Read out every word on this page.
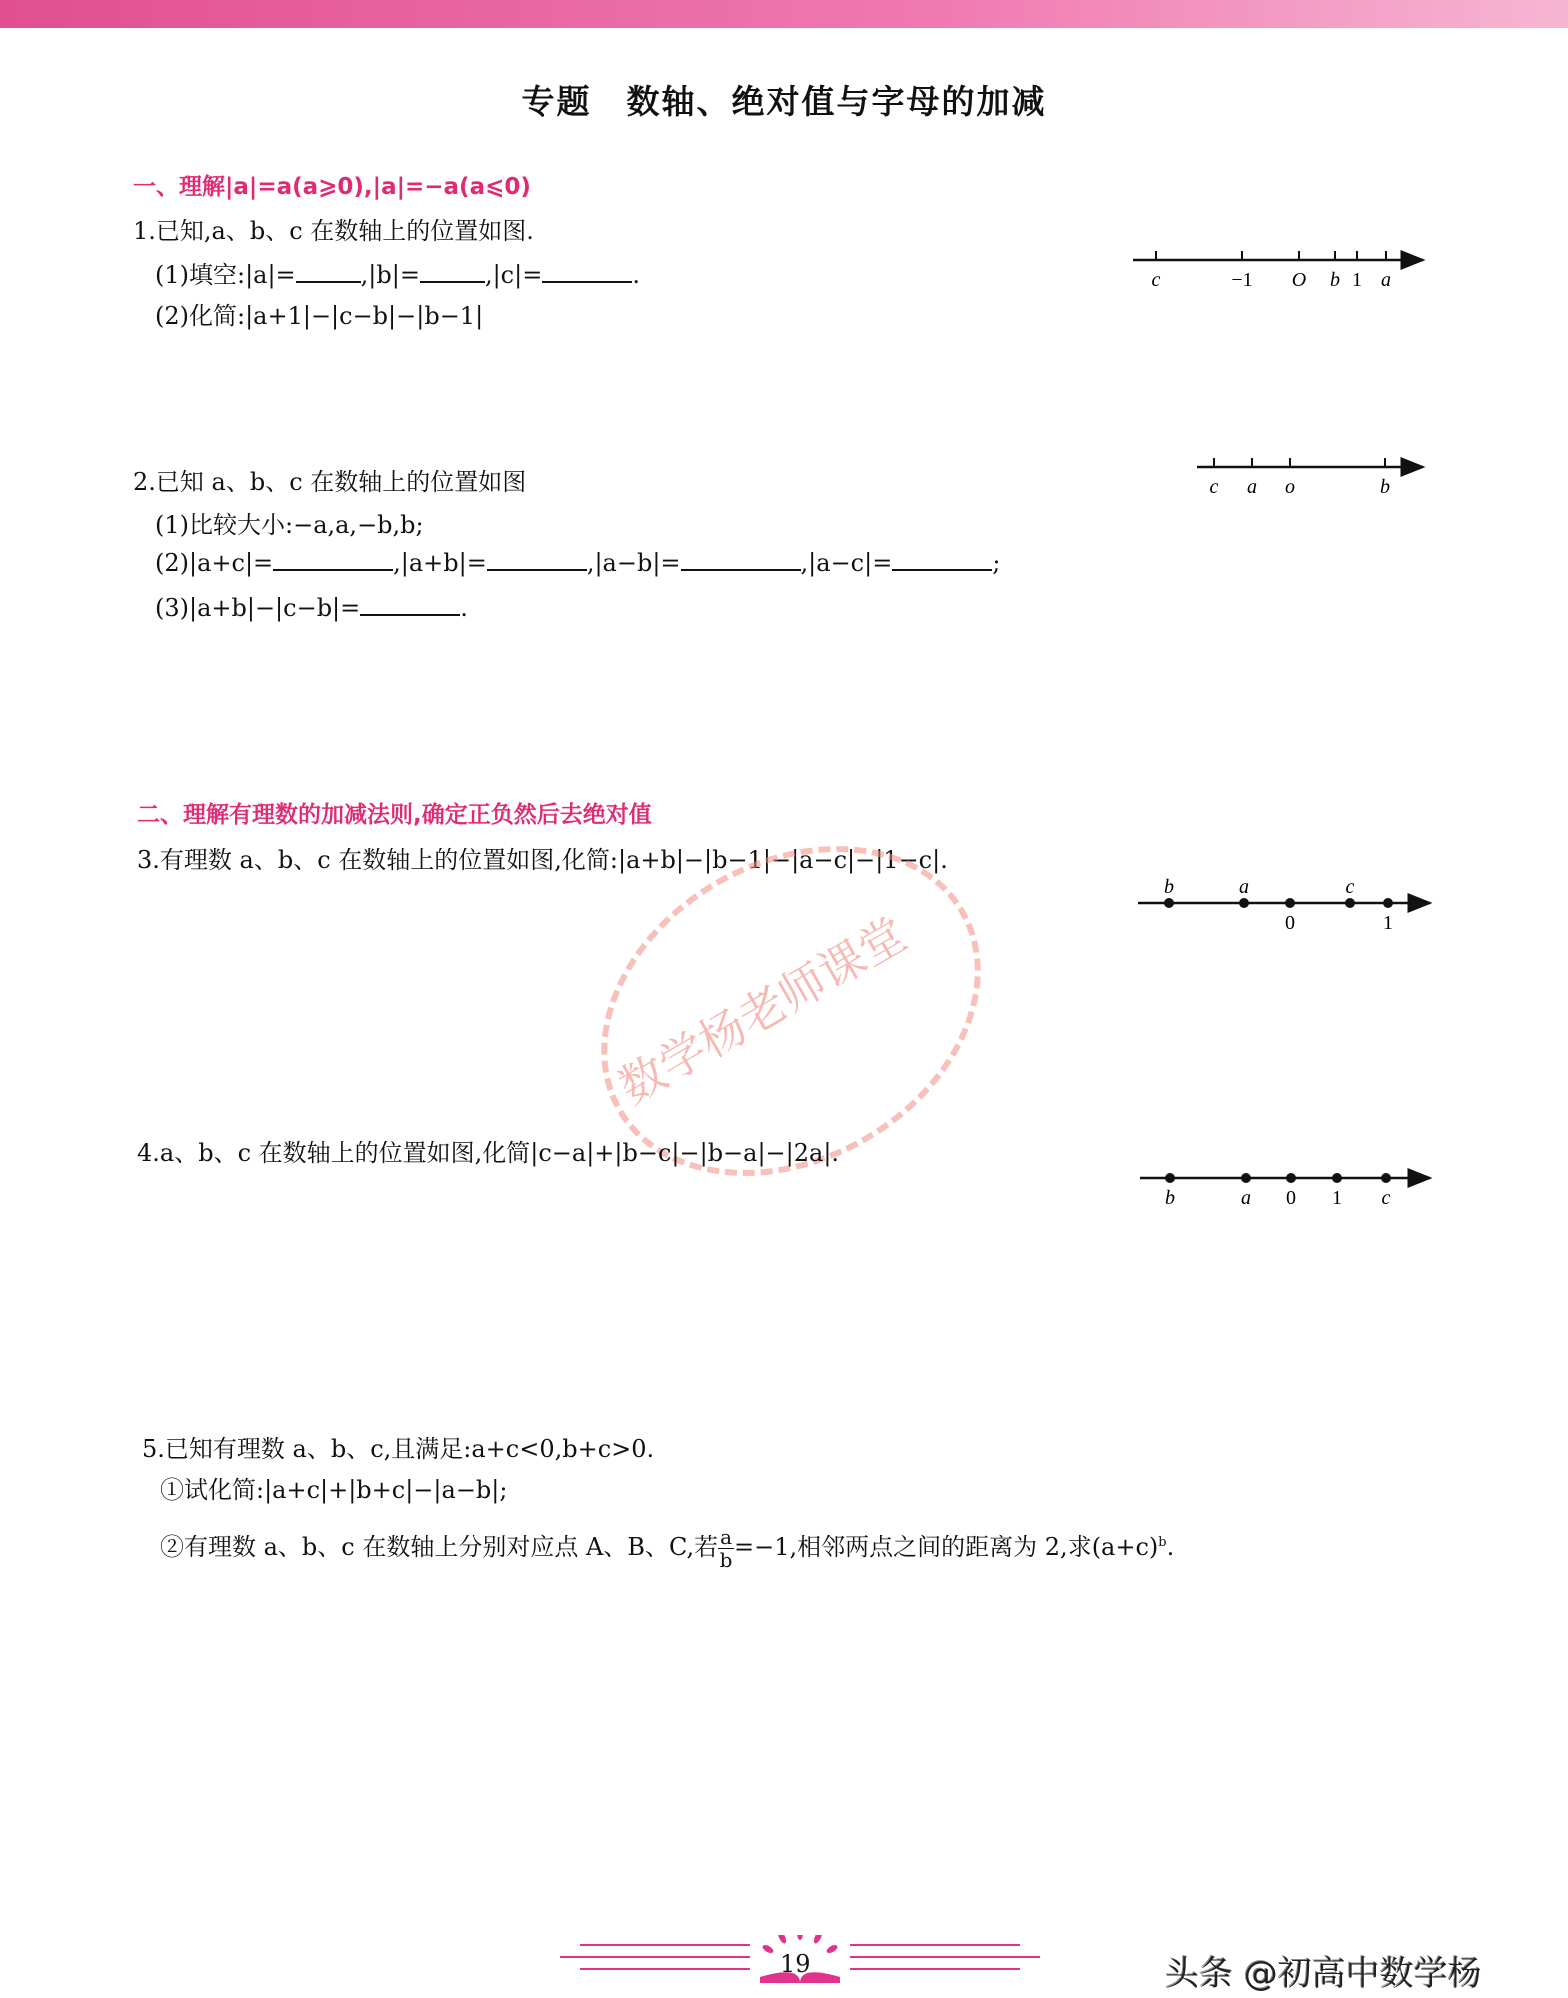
专题　数轴、绝对值与字母的加减
一、理解|a|=a(a⩾0),|a|=−a(a⩽0)
1.已知,a、b、c 在数轴上的位置如图.
(1)填空:|a|=	,|b|=	,|c|=	.
(2)化简:|a+1|−|c−b|−|b−1|
2.已知 a、b、c 在数轴上的位置如图
(1)比较大小:−a,a,−b,b;
(2)|a+c|=	,|a+b|=	,|a−b|=	,|a−c|=	;
(3)|a+b|−|c−b|=	.
二、理解有理数的加减法则,确定正负然后去绝对值
3.有理数 a、b、c 在数轴上的位置如图,化简:|a+b|−|b−1|−|a−c|−|1−c|.
数学杨老师课堂
4.a、b、c 在数轴上的位置如图,化简|c−a|+|b−c|−|b−a|−|2a|.
5.已知有理数 a、b、c,且满足:a+c<0,b+c>0.
①试化简:|a+c|+|b+c|−|a−b|;
②有理数 a、b、c 在数轴上分别对应点 A、B、C,若 $\frac{a}{b} =-1$,相邻两点之间的距离为 2,求$(a+c)^b$.
c	−1 O b 1 a
c a o	b
b	a
0
c
1
b	a 0 1 c
19	头条 @初高中数学杨
